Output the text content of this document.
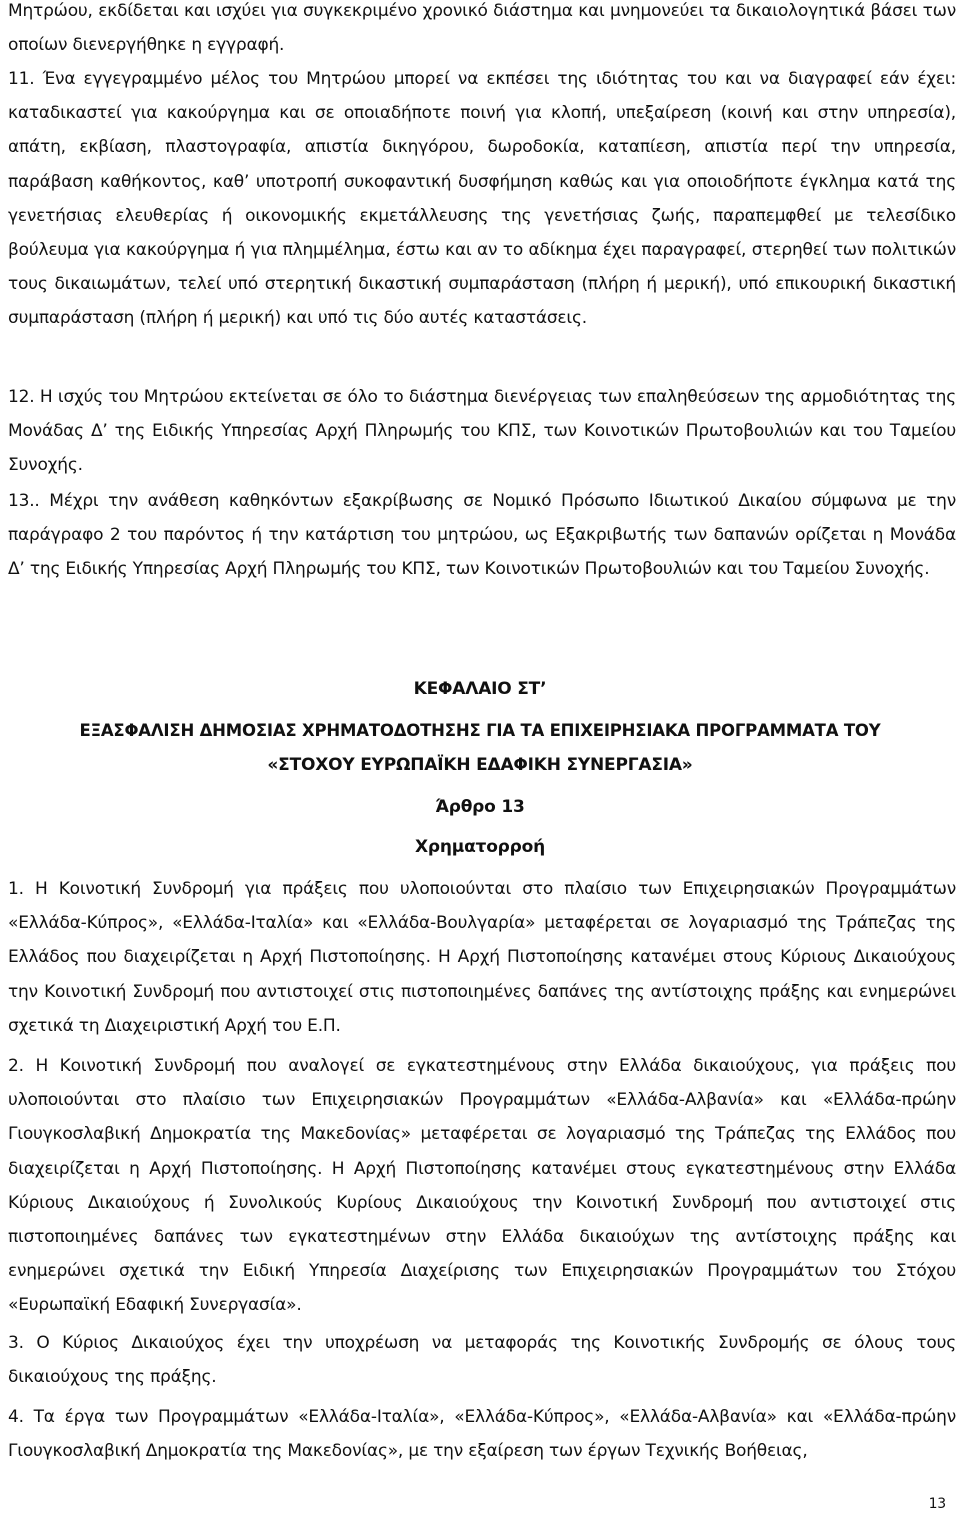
Μητρώου, εκδίδεται και ισχύει για συγκεκριμένο χρονικό διάστημα και μνημονεύει τα δικαιολογητικά βάσει των οποίων διενεργήθηκε η εγγραφή.

11. Ένα εγγεγραμμένο μέλος του Μητρώου μπορεί να εκπέσει της ιδιότητας του και να διαγραφεί εάν έχει: καταδικαστεί για κακούργημα και σε οποιαδήποτε ποινή για κλοπή, υπεξαίρεση (κοινή και στην υπηρεσία), απάτη, εκβίαση, πλαστογραφία, απιστία δικηγόρου, δωροδοκία, καταπίεση, απιστία περί την υπηρεσία, παράβαση καθήκοντος, καθ’ υποτροπή συκοφαντική δυσφήμηση καθώς και για οποιοδήποτε έγκλημα κατά της γενετήσιας ελευθερίας ή οικονομικής εκμετάλλευσης της γενετήσιας ζωής, παραπεμφθεί με τελεσίδικο βούλευμα για κακούργημα ή για πλημμέλημα, έστω και αν το αδίκημα έχει παραγραφεί, στερηθεί των πολιτικών τους δικαιωμάτων, τελεί υπό στερητική δικαστική συμπαράσταση (πλήρη ή μερική), υπό επικουρική δικαστική συμπαράσταση (πλήρη ή μερική) και υπό τις δύο αυτές καταστάσεις.

12. Η ισχύς του Μητρώου εκτείνεται σε όλο το διάστημα διενέργειας των επαληθεύσεων της αρμοδιότητας της Μονάδας Δ’ της Ειδικής Υπηρεσίας Αρχή Πληρωμής του ΚΠΣ, των Κοινοτικών Πρωτοβουλιών και του Ταμείου Συνοχής.

13.. Μέχρι την ανάθεση καθηκόντων εξακρίβωσης σε Νομικό Πρόσωπο Ιδιωτικού Δικαίου σύμφωνα με την παράγραφο 2 του παρόντος ή την κατάρτιση του μητρώου, ως Εξακριβωτής των δαπανών ορίζεται η Μονάδα Δ’ της Ειδικής Υπηρεσίας Αρχή Πληρωμής του ΚΠΣ, των Κοινοτικών Πρωτοβουλιών και του Ταμείου Συνοχής.

ΚΕΦΑΛΑΙΟ ΣΤ’
ΕΞΑΣΦΑΛΙΣΗ ΔΗΜΟΣΙΑΣ ΧΡΗΜΑΤΟΔΟΤΗΣΗΣ ΓΙΑ ΤΑ ΕΠΙΧΕΙΡΗΣΙΑΚΑ ΠΡΟΓΡΑΜΜΑΤΑ ΤΟΥ
«ΣΤΟΧΟΥ ΕΥΡΩΠΑΪΚΗ ΕΔΑΦΙΚΗ ΣΥΝΕΡΓΑΣΙΑ»
Άρθρο 13
Χρηματορροή

1. Η Κοινοτική Συνδρομή για πράξεις που υλοποιούνται στο πλαίσιο των Επιχειρησιακών Προγραμμάτων «Ελλάδα-Κύπρος», «Ελλάδα-Ιταλία» και «Ελλάδα-Βουλγαρία» μεταφέρεται σε λογαριασμό της Τράπεζας της Ελλάδος που διαχειρίζεται η Αρχή Πιστοποίησης. Η Αρχή Πιστοποίησης κατανέμει στους Κύριους Δικαιούχους την Κοινοτική Συνδρομή που αντιστοιχεί στις πιστοποιημένες δαπάνες της αντίστοιχης πράξης και ενημερώνει σχετικά τη Διαχειριστική Αρχή του Ε.Π.

2. Η Κοινοτική Συνδρομή που αναλογεί σε εγκατεστημένους στην Ελλάδα δικαιούχους, για πράξεις που υλοποιούνται στο πλαίσιο των Επιχειρησιακών Προγραμμάτων «Ελλάδα-Αλβανία» και «Ελλάδα-πρώην Γιουγκοσλαβική Δημοκρατία της Μακεδονίας» μεταφέρεται σε λογαριασμό της Τράπεζας της Ελλάδος που διαχειρίζεται η Αρχή Πιστοποίησης. Η Αρχή Πιστοποίησης κατανέμει στους εγκατεστημένους στην Ελλάδα Κύριους Δικαιούχους ή Συνολικούς Κυρίους Δικαιούχους την Κοινοτική Συνδρομή που αντιστοιχεί στις πιστοποιημένες δαπάνες των εγκατεστημένων στην Ελλάδα δικαιούχων της αντίστοιχης πράξης και ενημερώνει σχετικά την Ειδική Υπηρεσία Διαχείρισης των Επιχειρησιακών Προγραμμάτων του Στόχου «Ευρωπαϊκή Εδαφική Συνεργασία».

3. Ο Κύριος Δικαιούχος έχει την υποχρέωση να μεταφοράς της Κοινοτικής Συνδρομής σε όλους τους δικαιούχους της πράξης.

4. Τα έργα των Προγραμμάτων «Ελλάδα-Ιταλία», «Ελλάδα-Κύπρος», «Ελλάδα-Αλβανία» και «Ελλάδα-πρώην Γιουγκοσλαβική Δημοκρατία της Μακεδονίας», με την εξαίρεση των έργων Τεχνικής Βοήθειας,

13
